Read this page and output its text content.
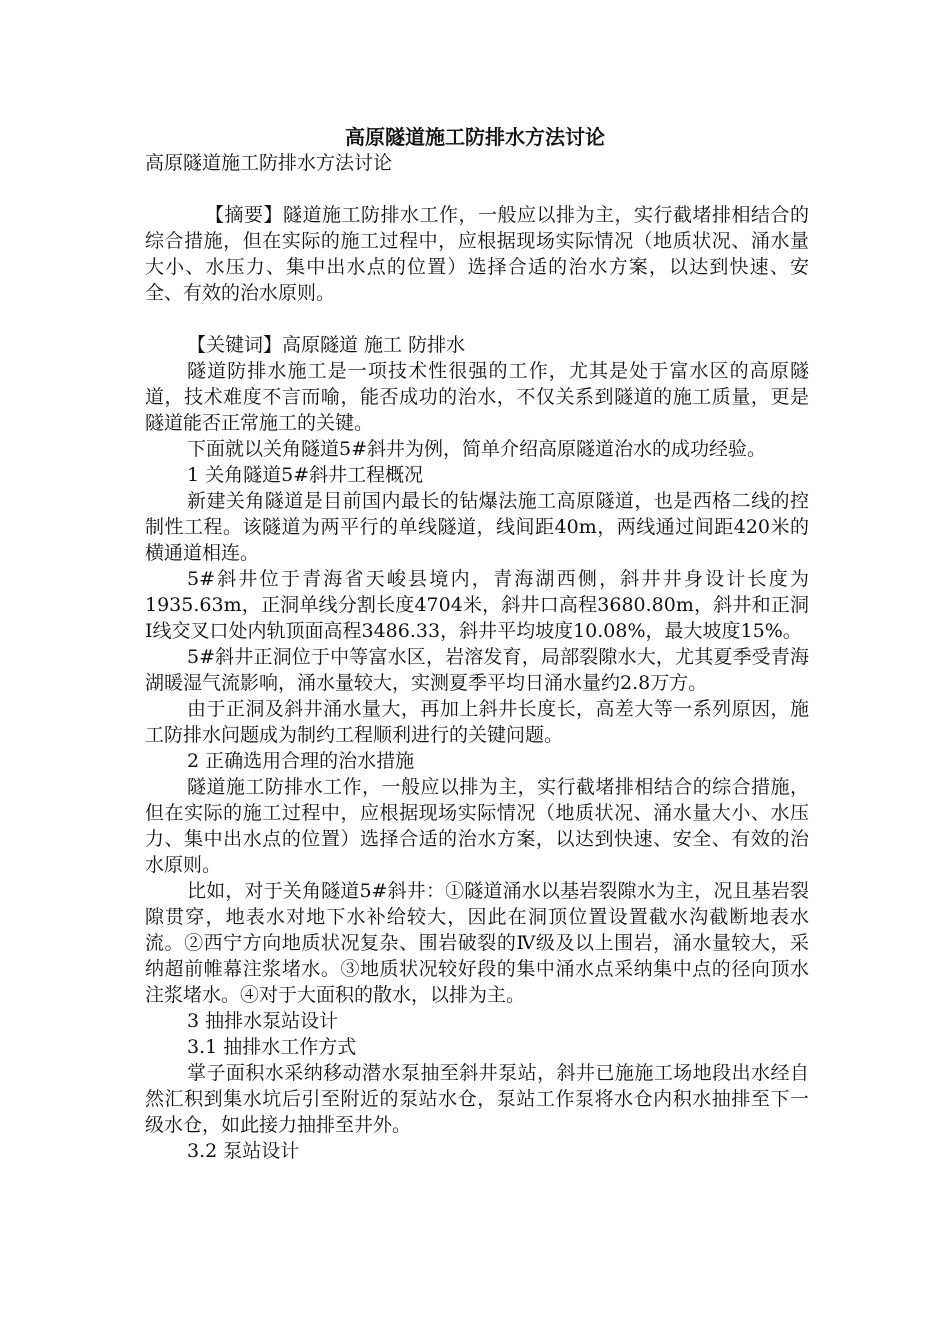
高原隧道施工防排水方法讨论

高原隧道施工防排水方法讨论

【摘要】隧道施工防排水工作，一般应以排为主，实行截堵排相结合的综合措施，但在实际的施工过程中，应根据现场实际情况（地质状况、涌水量大小、水压力、集中出水点的位置）选择合适的治水方案，以达到快速、安全、有效的治水原则。

【关键词】高原隧道 施工 防排水

隧道防排水施工是一项技术性很强的工作，尤其是处于富水区的高原隧道，技术难度不言而喻，能否成功的治水，不仅关系到隧道的施工质量，更是隧道能否正常施工的关键。

下面就以关角隧道5#斜井为例，简单介绍高原隧道治水的成功经验。

1 关角隧道5#斜井工程概况

新建关角隧道是目前国内最长的钻爆法施工高原隧道，也是西格二线的控制性工程。该隧道为两平行的单线隧道，线间距40m，两线通过间距420米的横通道相连。

5#斜井位于青海省天峻县境内，青海湖西侧，斜井井身设计长度为1935.63m，正洞单线分割长度4704米，斜井口高程3680.80m，斜井和正洞Ⅰ线交叉口处内轨顶面高程3486.33，斜井平均坡度10.08%，最大坡度15%。

5#斜井正洞位于中等富水区，岩溶发育，局部裂隙水大，尤其夏季受青海湖暖湿气流影响，涌水量较大，实测夏季平均日涌水量约2.8万方。

由于正洞及斜井涌水量大，再加上斜井长度长，高差大等一系列原因，施工防排水问题成为制约工程顺利进行的关键问题。

2 正确选用合理的治水措施

隧道施工防排水工作，一般应以排为主，实行截堵排相结合的综合措施，但在实际的施工过程中，应根据现场实际情况（地质状况、涌水量大小、水压力、集中出水点的位置）选择合适的治水方案，以达到快速、安全、有效的治水原则。

比如，对于关角隧道5#斜井：①隧道涌水以基岩裂隙水为主，况且基岩裂隙贯穿，地表水对地下水补给较大，因此在洞顶位置设置截水沟截断地表水流。②西宁方向地质状况复杂、围岩破裂的Ⅳ级及以上围岩，涌水量较大，采纳超前帷幕注浆堵水。③地质状况较好段的集中涌水点采纳集中点的径向顶水注浆堵水。④对于大面积的散水，以排为主。

3 抽排水泵站设计

3.1 抽排水工作方式

掌子面积水采纳移动潜水泵抽至斜井泵站，斜井已施施工场地段出水经自然汇积到集水坑后引至附近的泵站水仓，泵站工作泵将水仓内积水抽排至下一级水仓，如此接力抽排至井外。

3.2 泵站设计
